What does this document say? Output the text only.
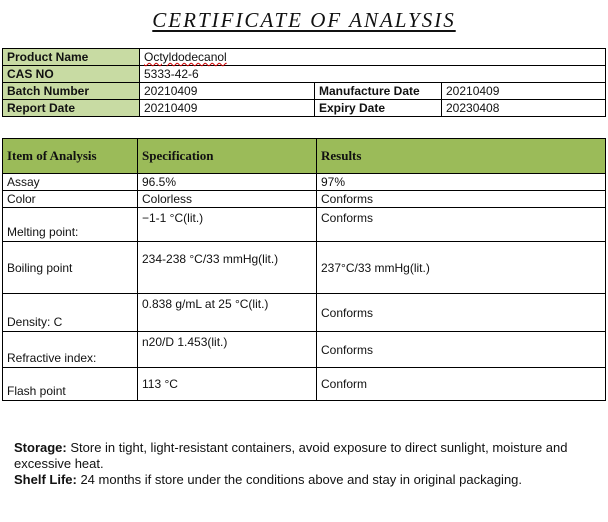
CERTIFICATE OF ANALYSIS
Product Name	Octyldodecanol		
CAS NO	5333-42-6		
Batch Number	20210409	Manufacture Date	20210409
Report Date	20210409	Expiry Date	20230408
Item of Analysis	Specification	Results
Assay	96.5%	97%
Color	Colorless	Conforms
Melting point:	−1-1 °C(lit.)	Conforms
Boiling point	234-238 °C/33 mmHg(lit.)	237°C/33 mmHg(lit.)
Density: C	0.838 g/mL at 25 °C(lit.)	Conforms
Refractive index:	n20/D 1.453(lit.)	Conforms
Flash point	113 °C	Conform
Storage: Store in tight, light-resistant containers, avoid exposure to direct sunlight, moisture and excessive heat.
Shelf Life: 24 months if store under the conditions above and stay in original packaging.
